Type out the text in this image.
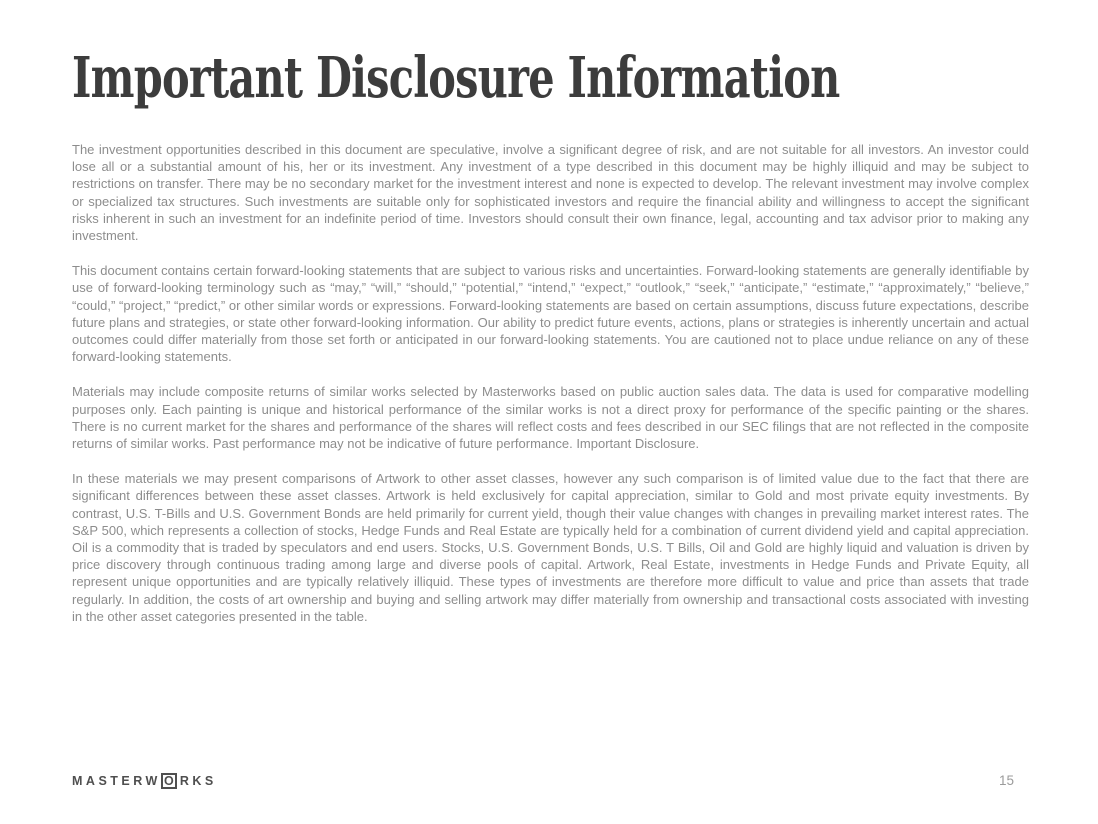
Important Disclosure Information

The investment opportunities described in this document are speculative, involve a significant degree of risk, and are not suitable for all investors. An investor could lose all or a substantial amount of his, her or its investment. Any investment of a type described in this document may be highly illiquid and may be subject to restrictions on transfer. There may be no secondary market for the investment interest and none is expected to develop. The relevant investment may involve complex or specialized tax structures. Such investments are suitable only for sophisticated investors and require the financial ability and willingness to accept the significant risks inherent in such an investment for an indefinite period of time. Investors should consult their own finance, legal, accounting and tax advisor prior to making any investment.

This document contains certain forward-looking statements that are subject to various risks and uncertainties. Forward-looking statements are generally identifiable by use of forward-looking terminology such as “may,” “will,” “should,” “potential,” “intend,” “expect,” “outlook,” “seek,” “anticipate,” “estimate,” “approximately,” “believe,” “could,” “project,” “predict,” or other similar words or expressions. Forward-looking statements are based on certain assumptions, discuss future expectations, describe future plans and strategies, or state other forward-looking information. Our ability to predict future events, actions, plans or strategies is inherently uncertain and actual outcomes could differ materially from those set forth or anticipated in our forward-looking statements. You are cautioned not to place undue reliance on any of these forward-looking statements.

Materials may include composite returns of similar works selected by Masterworks based on public auction sales data. The data is used for comparative modelling purposes only. Each painting is unique and historical performance of the similar works is not a direct proxy for performance of the specific painting or the shares. There is no current market for the shares and performance of the shares will reflect costs and fees described in our SEC filings that are not reflected in the composite returns of similar works. Past performance may not be indicative of future performance. Important Disclosure.

In these materials we may present comparisons of Artwork to other asset classes, however any such comparison is of limited value due to the fact that there are significant differences between these asset classes. Artwork is held exclusively for capital appreciation, similar to Gold and most private equity investments. By contrast, U.S. T-Bills and U.S. Government Bonds are held primarily for current yield, though their value changes with changes in prevailing market interest rates. The S&P 500, which represents a collection of stocks, Hedge Funds and Real Estate are typically held for a combination of current dividend yield and capital appreciation. Oil is a commodity that is traded by speculators and end users. Stocks, U.S. Government Bonds, U.S. T Bills, Oil and Gold are highly liquid and valuation is driven by price discovery through continuous trading among large and diverse pools of capital. Artwork, Real Estate, investments in Hedge Funds and Private Equity, all represent unique opportunities and are typically relatively illiquid. These types of investments are therefore more difficult to value and price than assets that trade regularly. In addition, the costs of art ownership and buying and selling artwork may differ materially from ownership and transactional costs associated with investing in the other asset categories presented in the table.

MASTERW O RKS	15
